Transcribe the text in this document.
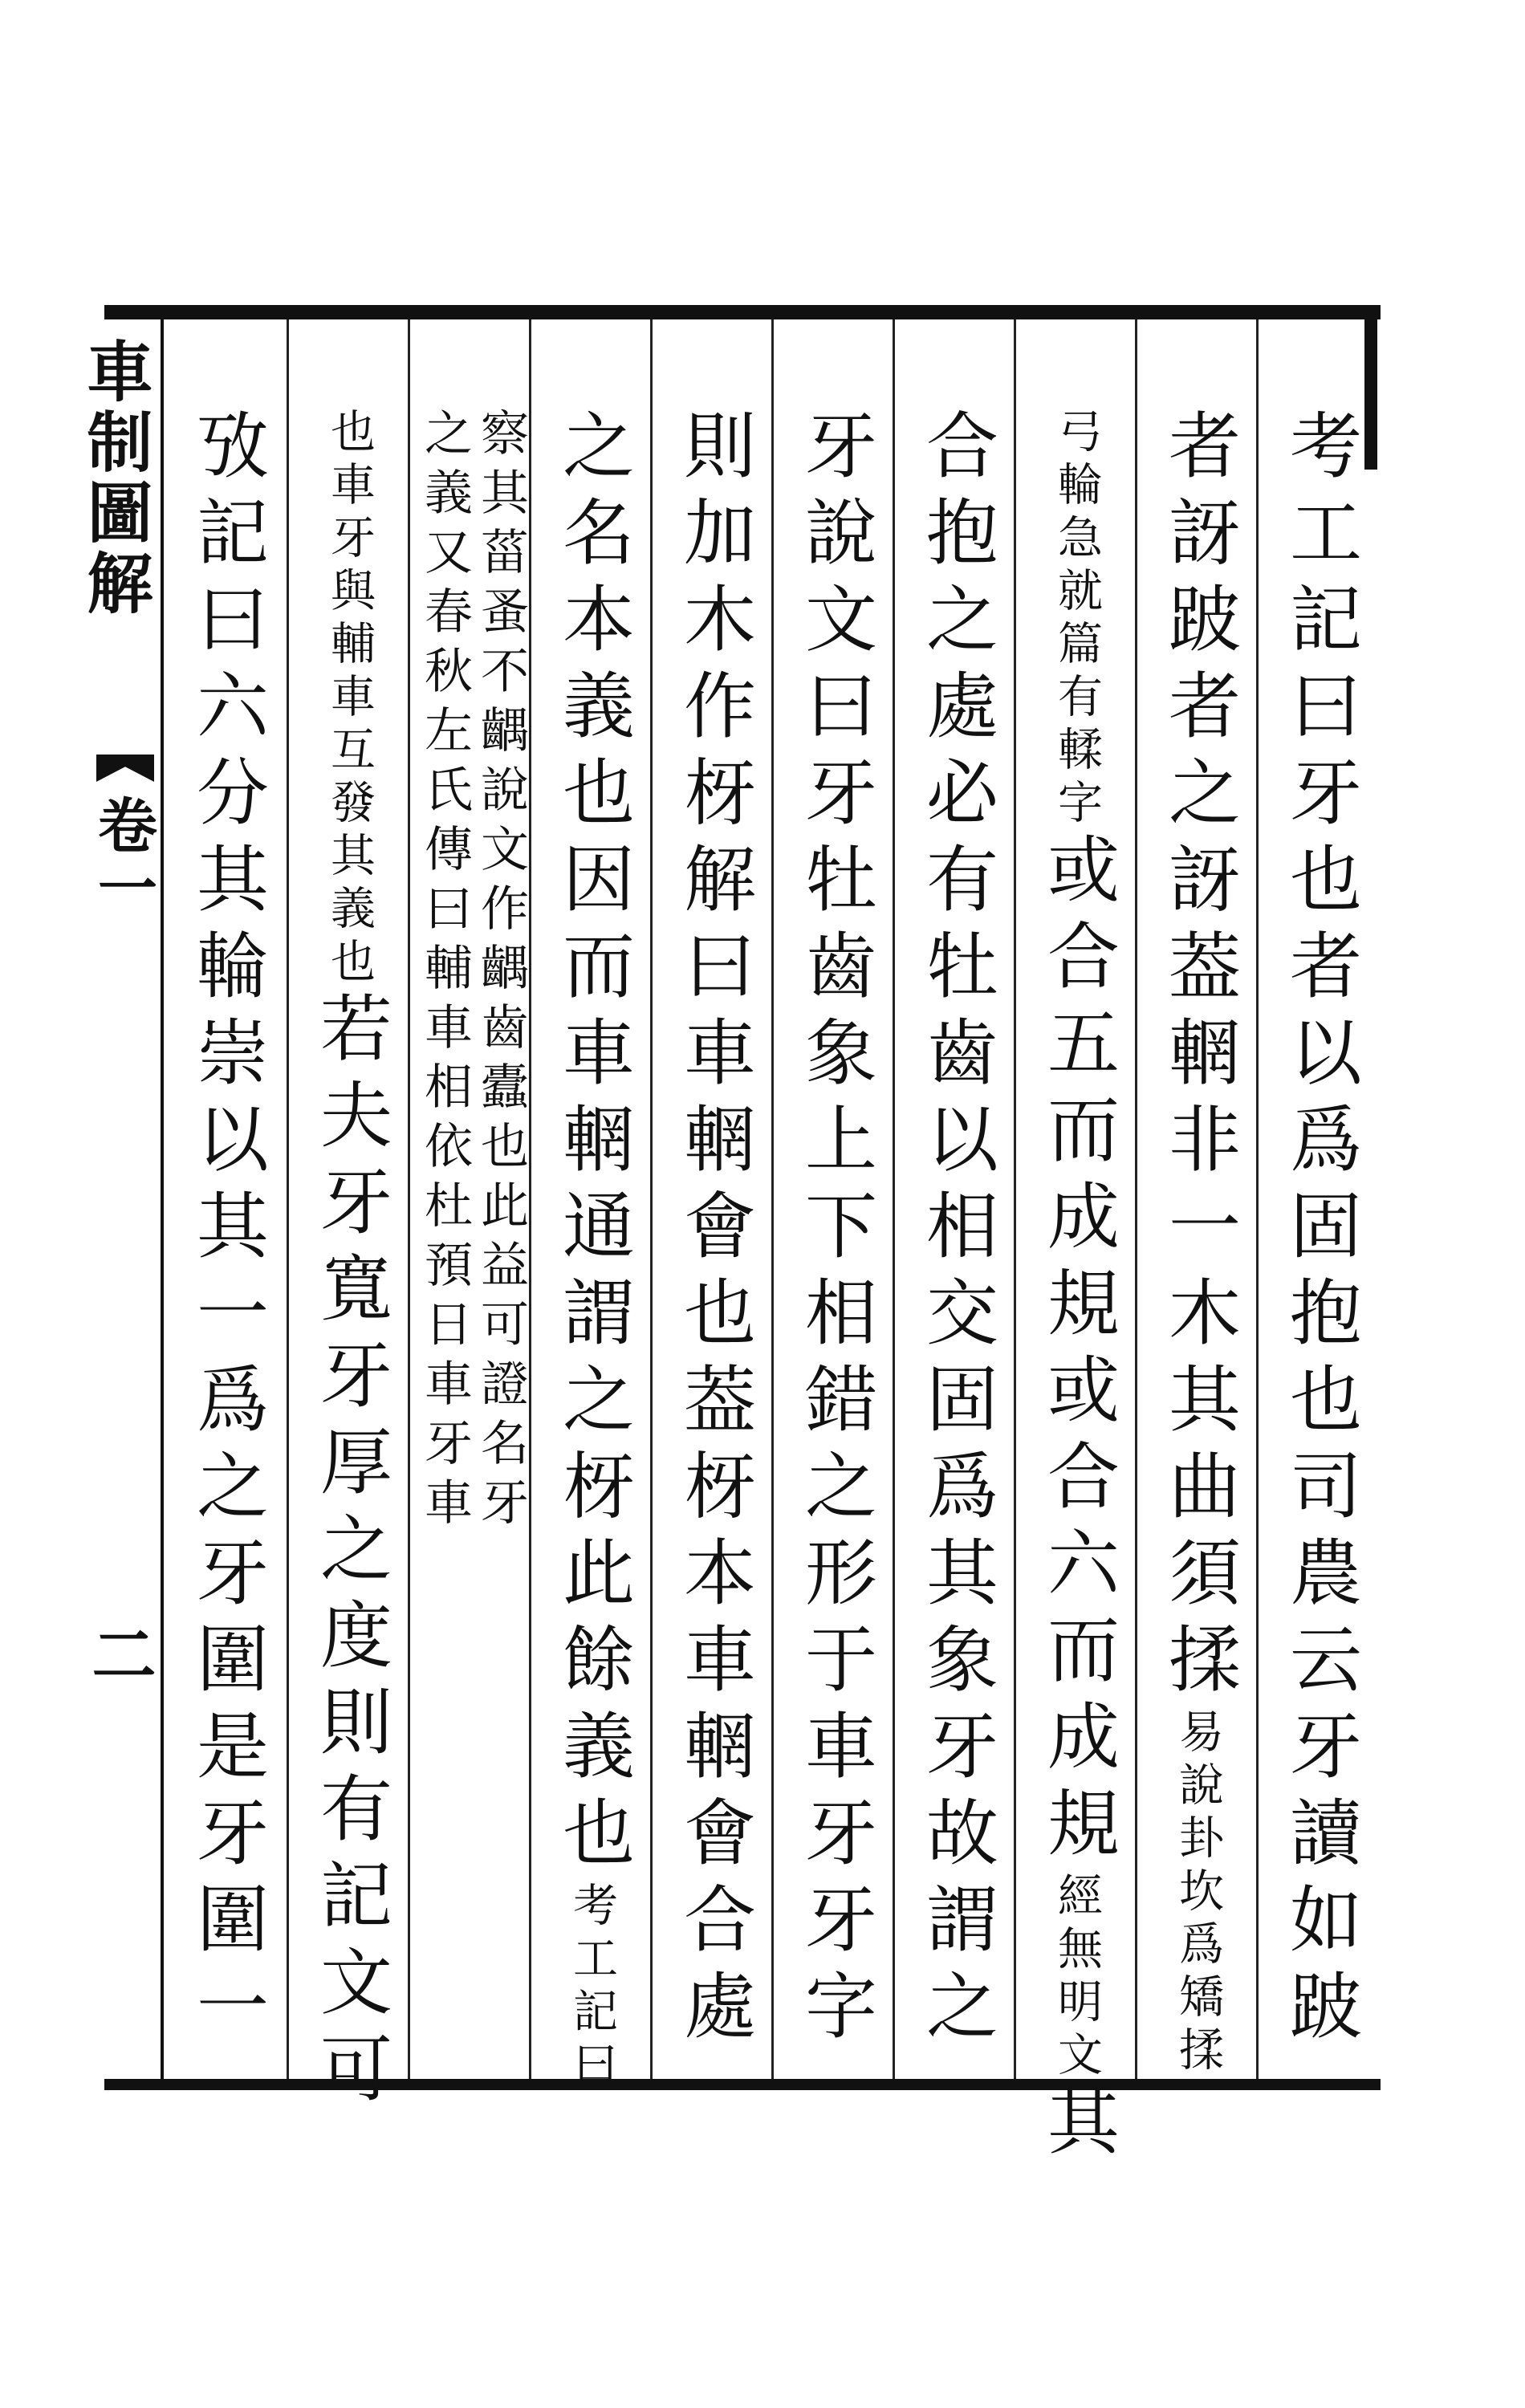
車制圖解
卷一
二	考工記曰牙也者以爲固抱也司農云牙讀如跛
者訝跛者之訝葢輞非一木其曲須揉易說卦坎爲矯揉
弓輪急就篇有輮字或合五而成規或合六而成規經無明文其
合抱之處必有牡齒以相交固爲其象牙故謂之
牙說文曰牙牡齒象上下相錯之形于車牙牙字
則加木作枒解曰車輞會也葢枒本車輞會合處
之名本義也因而車輞通謂之枒此餘義也考工記曰
察其菑蚤不齵說文作齵齒蠹也此益可證名牙
之義又春秋左氏傳曰輔車相依杜預日車牙車
也車牙與輔車互發其義也若夫牙寬牙厚之度則有記文可
攷記曰六分其輪崇以其一爲之牙圍是牙圍一
